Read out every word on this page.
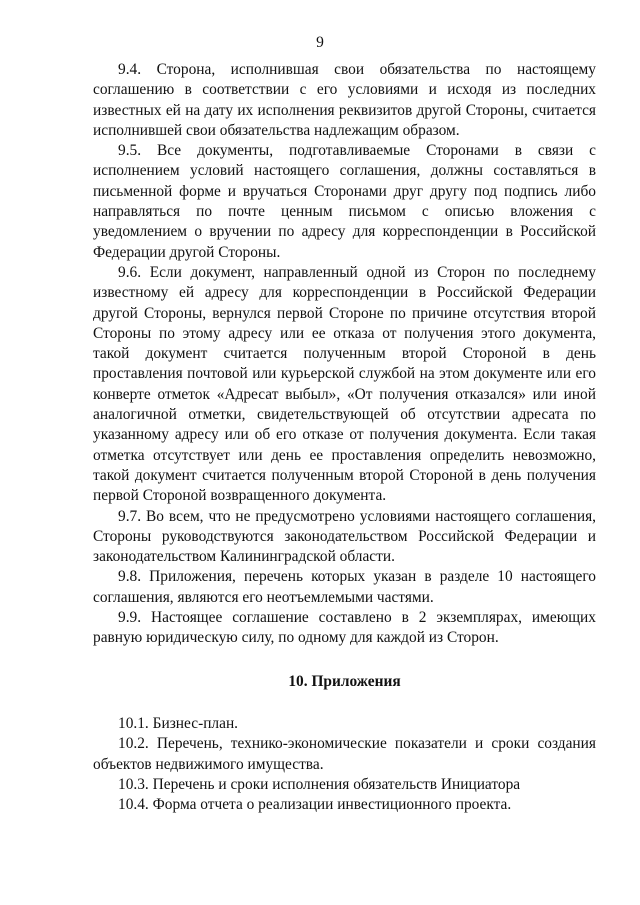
9

9.4. Сторона, исполнившая свои обязательства по настоящему соглашению в соответствии с его условиями и исходя из последних известных ей на дату их исполнения реквизитов другой Стороны, считается исполнившей свои обязательства надлежащим образом.

9.5. Все документы, подготавливаемые Сторонами в связи с исполнением условий настоящего соглашения, должны составляться в письменной форме и вручаться Сторонами друг другу под подпись либо направляться по почте ценным письмом с описью вложения с уведомлением о вручении по адресу для корреспонденции в Российской Федерации другой Стороны.

9.6. Если документ, направленный одной из Сторон по последнему известному ей адресу для корреспонденции в Российской Федерации другой Стороны, вернулся первой Стороне по причине отсутствия второй Стороны по этому адресу или ее отказа от получения этого документа, такой документ считается полученным второй Стороной в день проставления почтовой или курьерской службой на этом документе или его конверте отметок «Адресат выбыл», «От получения отказался» или иной аналогичной отметки, свидетельствующей об отсутствии адресата по указанному адресу или об его отказе от получения документа. Если такая отметка отсутствует или день ее проставления определить невозможно, такой документ считается полученным второй Стороной в день получения первой Стороной возвращенного документа.

9.7. Во всем, что не предусмотрено условиями настоящего соглашения, Стороны руководствуются законодательством Российской Федерации и законодательством Калининградской области.

9.8. Приложения, перечень которых указан в разделе 10 настоящего соглашения, являются его неотъемлемыми частями.

9.9. Настоящее соглашение составлено в 2 экземплярах, имеющих равную юридическую силу, по одному для каждой из Сторон.

10. Приложения

10.1. Бизнес-план.

10.2. Перечень, технико-экономические показатели и сроки создания объектов недвижимого имущества.

10.3. Перечень и сроки исполнения обязательств Инициатора

10.4. Форма отчета о реализации инвестиционного проекта.
